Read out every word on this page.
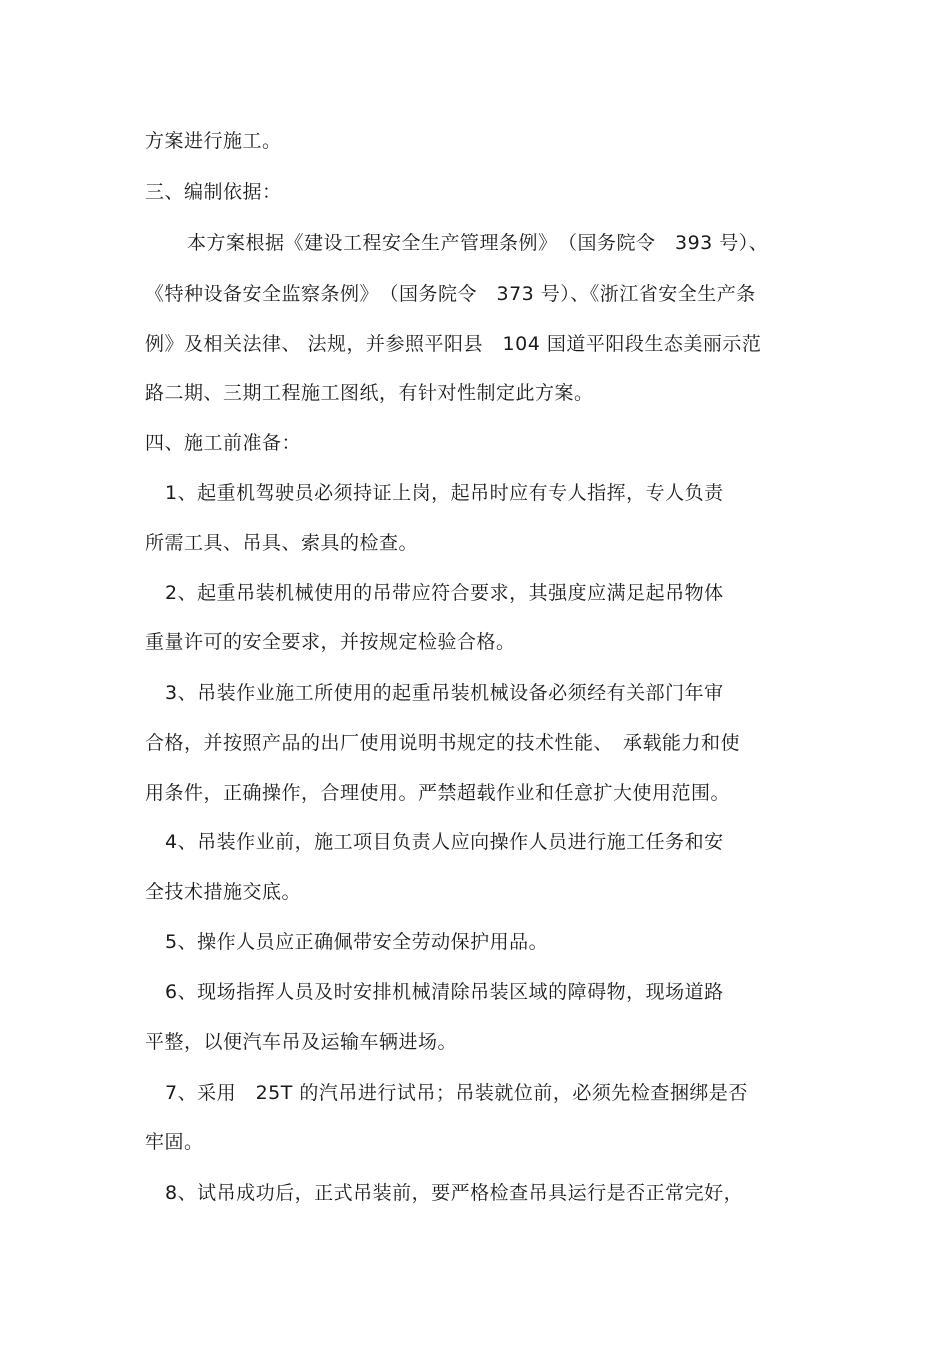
方案进行施工。
三、编制依据：
本方案根据《建设工程安全生产管理条例》　（国务院令　393 号）、
《特种设备安全监察条例》　（国务院令　373 号）、《浙江省安全生产条
例》及相关法律、 法规，并参照平阳县　104 国道平阳段生态美丽示范
路二期、三期工程施工图纸，有针对性制定此方案。
四、施工前准备：
1、起重机驾驶员必须持证上岗，起吊时应有专人指挥，专人负责
所需工具、吊具、索具的检查。
2、起重吊装机械使用的吊带应符合要求，其强度应满足起吊物体
重量许可的安全要求，并按规定检验合格。
3、吊装作业施工所使用的起重吊装机械设备必须经有关部门年审
合格，并按照产品的出厂使用说明书规定的技术性能、　承载能力和使
用条件，正确操作，合理使用。严禁超载作业和任意扩大使用范围。
4、吊装作业前，施工项目负责人应向操作人员进行施工任务和安
全技术措施交底。
5、操作人员应正确佩带安全劳动保护用品。
6、现场指挥人员及时安排机械清除吊装区域的障碍物，现场道路
平整，以便汽车吊及运输车辆进场。
7、采用　25T 的汽吊进行试吊；吊装就位前，必须先检查捆绑是否
牢固。
8、试吊成功后，正式吊装前，要严格检查吊具运行是否正常完好，
